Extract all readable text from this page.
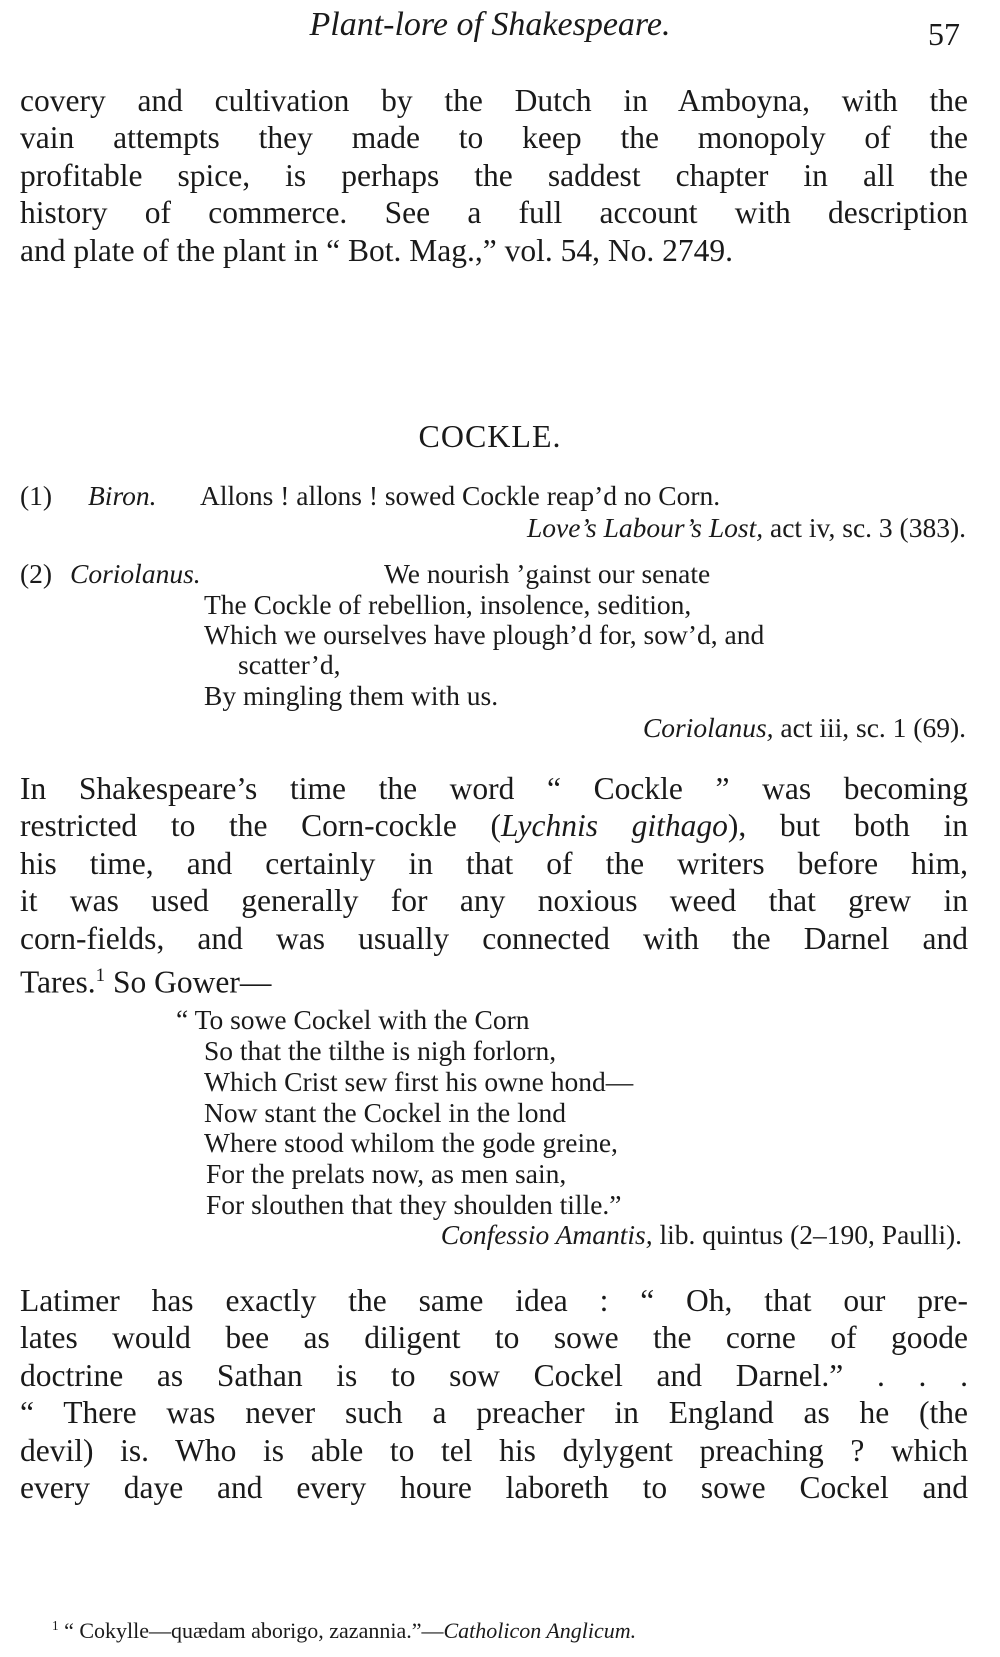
Plant-lore of Shakespeare.	57
covery and cultivation by the Dutch in Amboyna, with the
vain attempts they made to keep the monopoly of the
profitable spice, is perhaps the saddest chapter in all the
history of commerce. See a full account with description
and plate of the plant in “ Bot. Mag.,” vol. 54, No. 2749.
COCKLE.
(1) Biron. Allons ! allons ! sowed Cockle reap’d no Corn.
Love’s Labour’s Lost, act iv, sc. 3 (383).
(2) Coriolanus.	We nourish ’gainst our senate
The Cockle of rebellion, insolence, sedition,
Which we ourselves have plough’d for, sow’d, and
scatter’d,
By mingling them with us.
Coriolanus, act iii, sc. 1 (69).
In Shakespeare’s time the word “ Cockle ” was becoming
restricted to the Corn-cockle (Lychnis githago), but both in
his time, and certainly in that of the writers before him,
it was used generally for any noxious weed that grew in
corn-fields, and was usually connected with the Darnel and
Tares.$^1$ So Gower—
“ To sowe Cockel with the Corn
So that the tilthe is nigh forlorn,
Which Crist sew first his owne hond—
Now stant the Cockel in the lond
Where stood whilom the gode greine,
For the prelats now, as men sain,
For slouthen that they shoulden tille.”
Confessio Amantis, lib. quintus (2–190, Paulli).
Latimer has exactly the same idea : “ Oh, that our pre-
lates would bee as diligent to sowe the corne of goode
doctrine as Sathan is to sow Cockel and Darnel.” . . .
“ There was never such a preacher in England as he (the
devil) is. Who is able to tel his dylygent preaching ? which
every daye and every houre laboreth to sowe Cockel and
$^1$ “ Cokylle—quædam aborigo, zazannia.”—Catholicon Anglicum.
